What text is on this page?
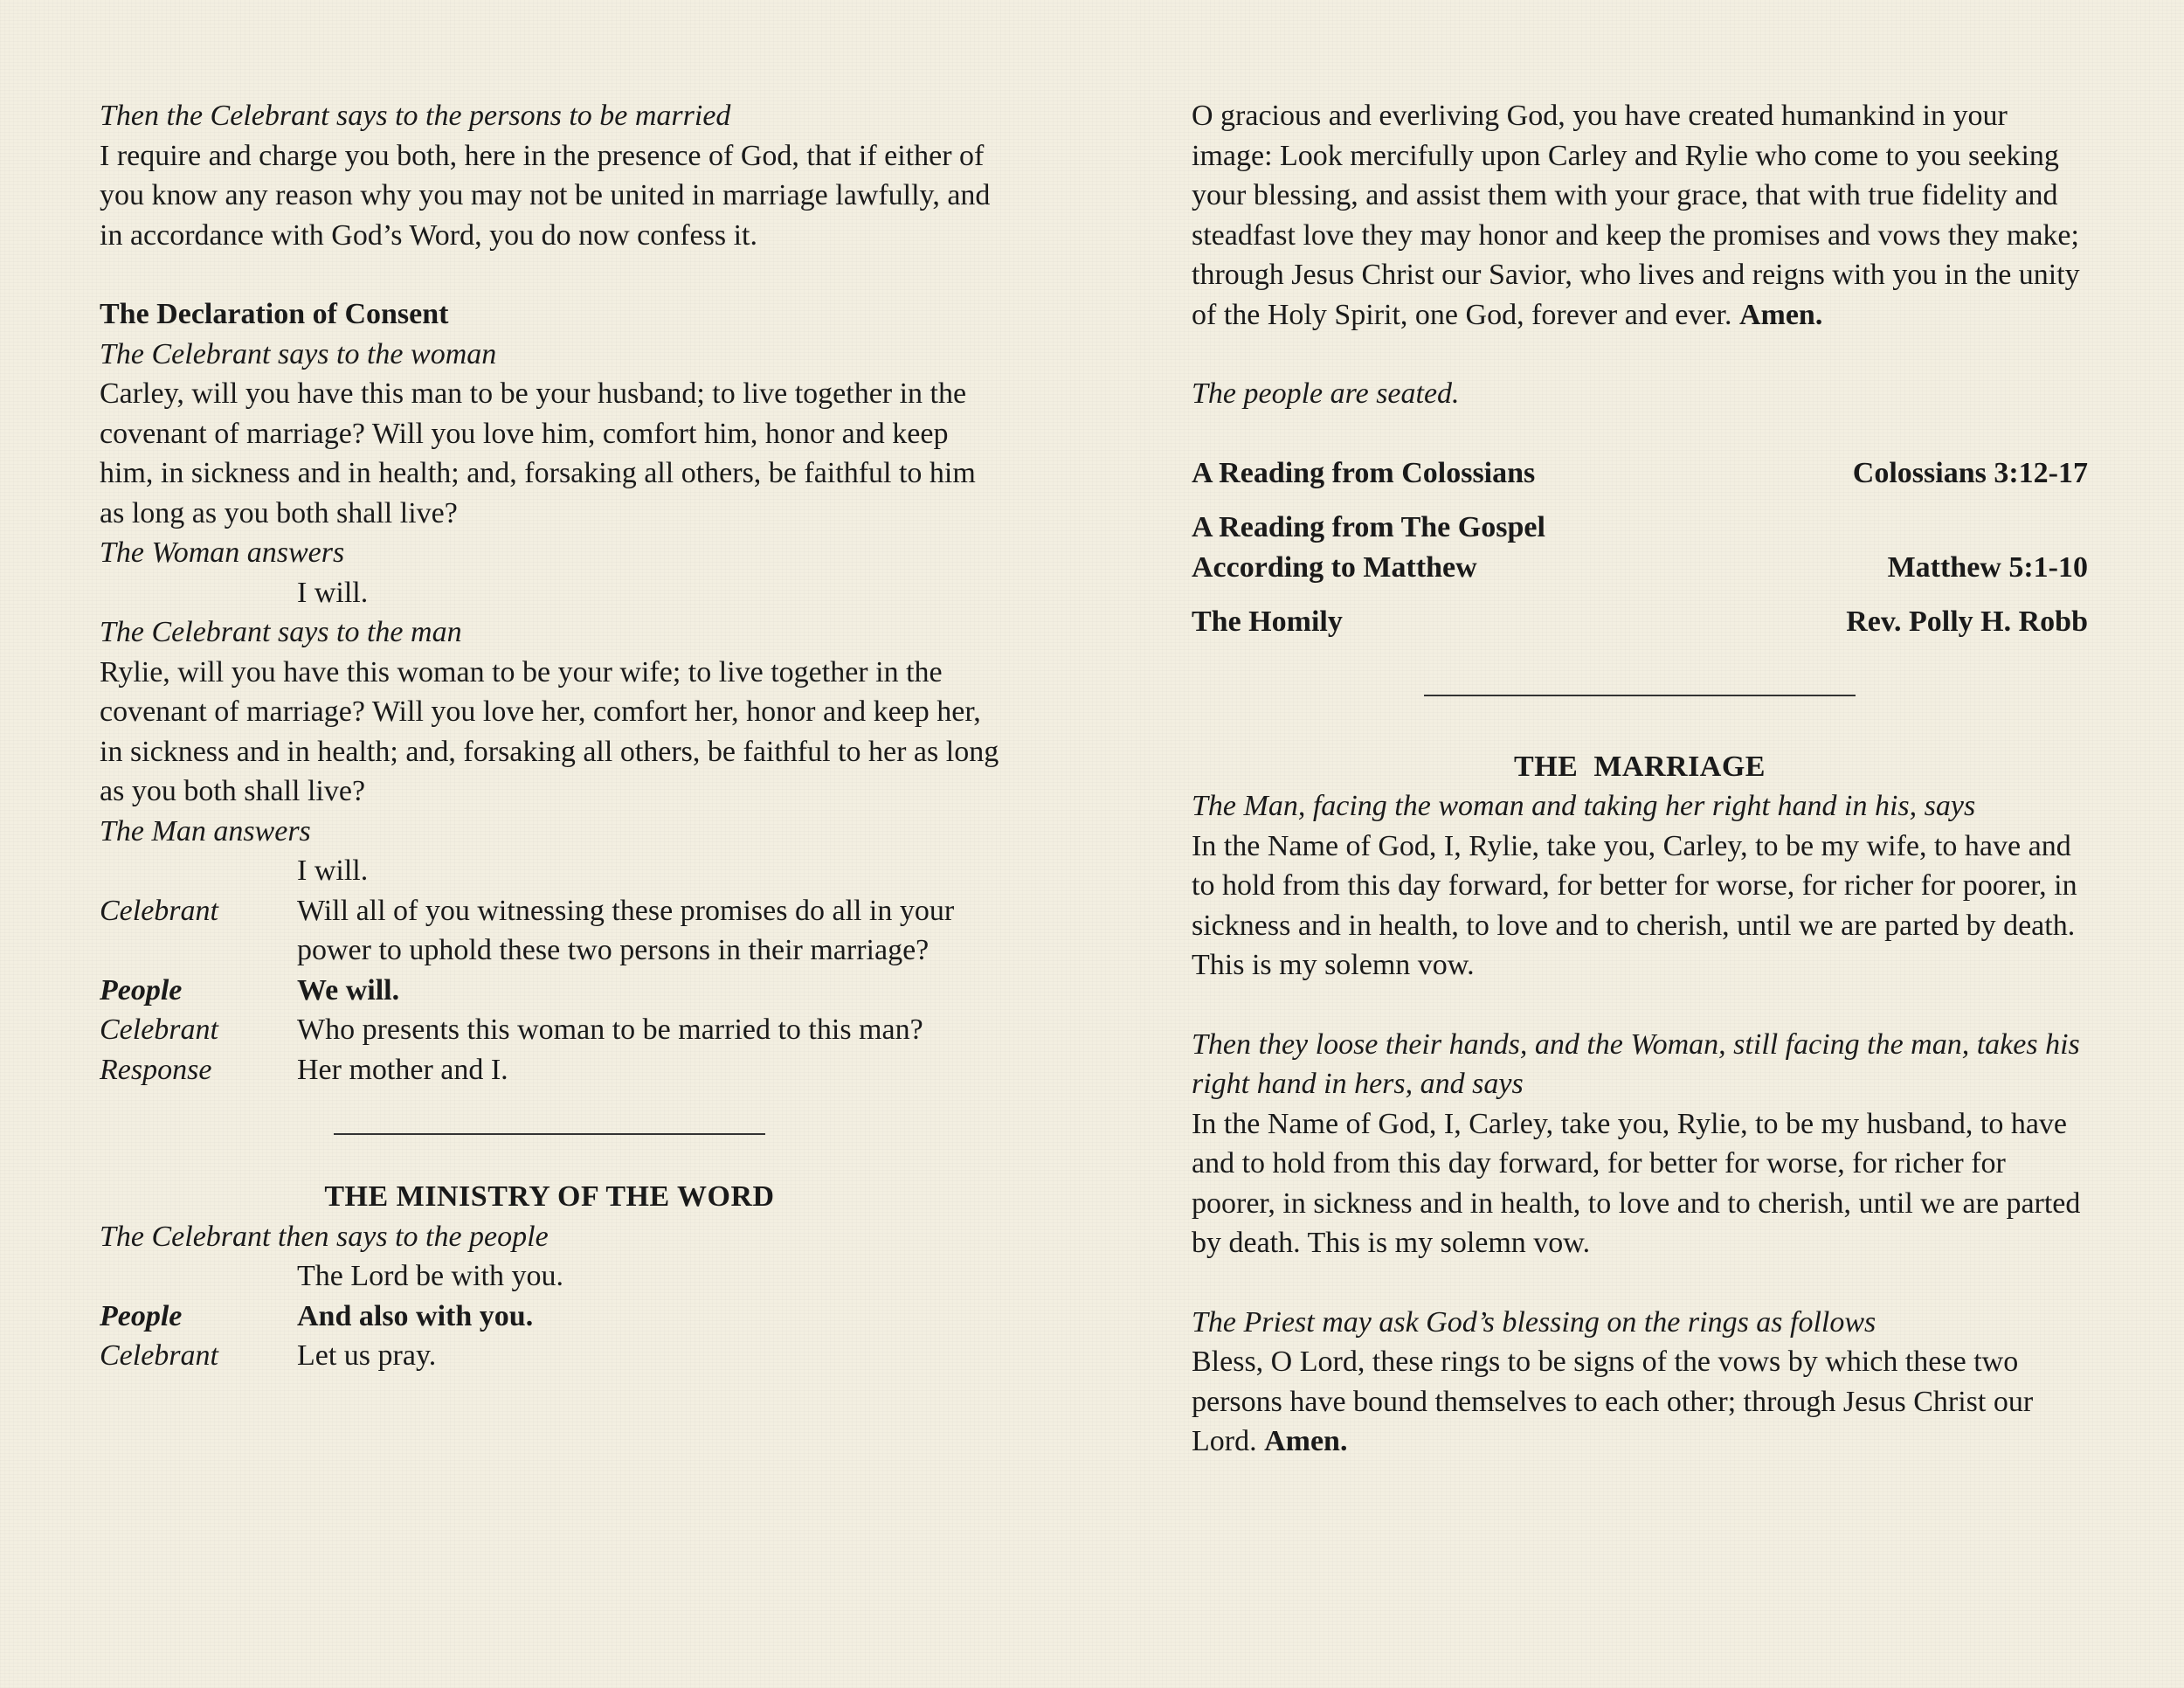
Then the Celebrant says to the persons to be married

I require and charge you both, here in the presence of God, that if either of you know any reason why you may not be united in marriage lawfully, and in accordance with God’s Word, you do now confess it.

The Declaration of Consent

The Celebrant says to the woman

Carley, will you have this man to be your husband; to live together in the covenant of marriage? Will you love him, comfort him, honor and keep him, in sickness and in health; and, forsaking all others, be faithful to him as long as you both shall live?

The Woman answers

I will.

The Celebrant says to the man

Rylie, will you have this woman to be your wife; to live together in the covenant of marriage? Will you love her, comfort her, honor and keep her, in sickness and in health; and, forsaking all others, be faithful to her as long as you both shall live?

The Man answers

I will.

Celebrant	Will all of you witnessing these promises do all in your power to uphold these two persons in their marriage?
People	We will.
Celebrant	Who presents this woman to be married to this man?
Response	Her mother and I.

THE MINISTRY OF THE WORD

The Celebrant then says to the people

The Lord be with you.

People	And also with you.
Celebrant	Let us pray.

O gracious and everliving God, you have created humankind in your image: Look mercifully upon Carley and Rylie who come to you seeking your blessing, and assist them with your grace, that with true fidelity and steadfast love they may honor and keep the promises and vows they make; through Jesus Christ our Savior, who lives and reigns with you in the unity of the Holy Spirit, one God, forever and ever. Amen.

The people are seated.

A Reading from Colossians	Colossians 3:12-17
A Reading from The Gospel
According to Matthew	Matthew 5:1-10
The Homily	Rev. Polly H. Robb

THE  MARRIAGE

The Man, facing the woman and taking her right hand in his, says

In the Name of God, I, Rylie, take you, Carley, to be my wife, to have and to hold from this day forward, for better for worse, for richer for poorer, in sickness and in health, to love and to cherish, until we are parted by death. This is my solemn vow.

Then they loose their hands, and the Woman, still facing the man, takes his right hand in hers, and says

In the Name of God, I, Carley, take you, Rylie, to be my husband, to have and to hold from this day forward, for better for worse, for richer for poorer, in sickness and in health, to love and to cherish, until we are parted by death. This is my solemn vow.

The Priest may ask God’s blessing on the rings as follows

Bless, O Lord, these rings to be signs of the vows by which these two persons have bound themselves to each other; through Jesus Christ our Lord. Amen.
